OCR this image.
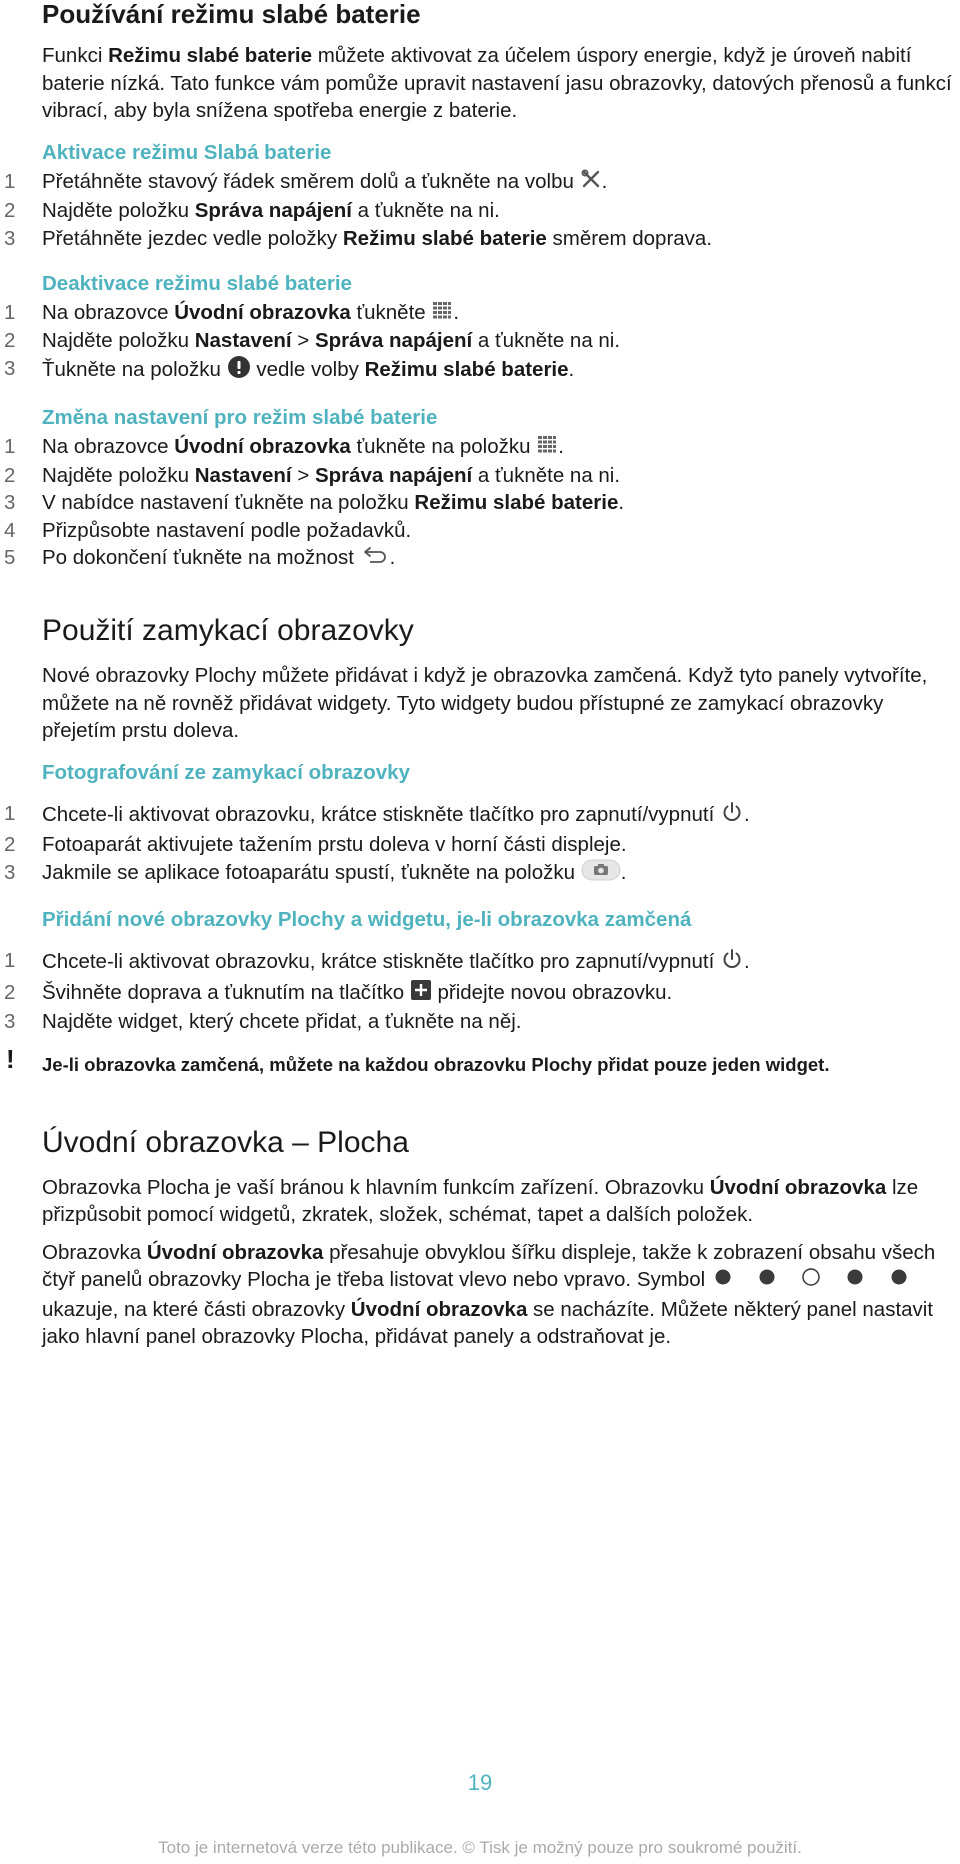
Používání režimu slabé baterie

Funkci Režimu slabé baterie můžete aktivovat za účelem úspory energie, když je úroveň nabití baterie nízká. Tato funkce vám pomůže upravit nastavení jasu obrazovky, datových přenosů a funkcí vibrací, aby byla snížena spotřeba energie z baterie.

Aktivace režimu Slabá baterie
1	Přetáhněte stavový řádek směrem dolů a ťukněte na volbu .
2	Najděte položku Správa napájení a ťukněte na ni.
3	Přetáhněte jezdec vedle položky Režimu slabé baterie směrem doprava.
Deaktivace režimu slabé baterie
1	Na obrazovce Úvodní obrazovka ťukněte .
2	Najděte položku Nastavení > Správa napájení a ťukněte na ni.
3	Ťukněte na položku  vedle volby Režimu slabé baterie.
Změna nastavení pro režim slabé baterie
1	Na obrazovce Úvodní obrazovka ťukněte na položku .
2	Najděte položku Nastavení > Správa napájení a ťukněte na ni.
3	V nabídce nastavení ťukněte na položku Režimu slabé baterie.
4	Přizpůsobte nastavení podle požadavků.
5	Po dokončení ťukněte na možnost .
Použití zamykací obrazovky

Nové obrazovky Plochy můžete přidávat i když je obrazovka zamčená. Když tyto panely vytvoříte, můžete na ně rovněž přidávat widgety. Tyto widgety budou přístupné ze zamykací obrazovky přejetím prstu doleva.

Fotografování ze zamykací obrazovky
1	Chcete-li aktivovat obrazovku, krátce stiskněte tlačítko pro zapnutí/vypnutí .
2	Fotoaparát aktivujete tažením prstu doleva v horní části displeje.
3	Jakmile se aplikace fotoaparátu spustí, ťukněte na položku .
Přidání nové obrazovky Plochy a widgetu, je-li obrazovka zamčená
1	Chcete-li aktivovat obrazovku, krátce stiskněte tlačítko pro zapnutí/vypnutí .
2	Švihněte doprava a ťuknutím na tlačítko  přidejte novou obrazovku.
3	Najděte widget, který chcete přidat, a ťukněte na něj.
! Je-li obrazovka zamčená, můžete na každou obrazovku Plochy přidat pouze jeden widget.
Úvodní obrazovka – Plocha

Obrazovka Plocha je vaší bránou k hlavním funkcím zařízení. Obrazovku Úvodní obrazovka lze přizpůsobit pomocí widgetů, zkratek, složek, schémat, tapet a dalších položek.

Obrazovka Úvodní obrazovka přesahuje obvyklou šířku displeje, takže k zobrazení obsahu všech čtyř panelů obrazovky Plocha je třeba listovat vlevo nebo vpravo. Symbol  ukazuje, na které části obrazovky Úvodní obrazovka se nacházíte. Můžete některý panel nastavit jako hlavní panel obrazovky Plocha, přidávat panely a odstraňovat je.

19
Toto je internetová verze této publikace. © Tisk je možný pouze pro soukromé použití.
